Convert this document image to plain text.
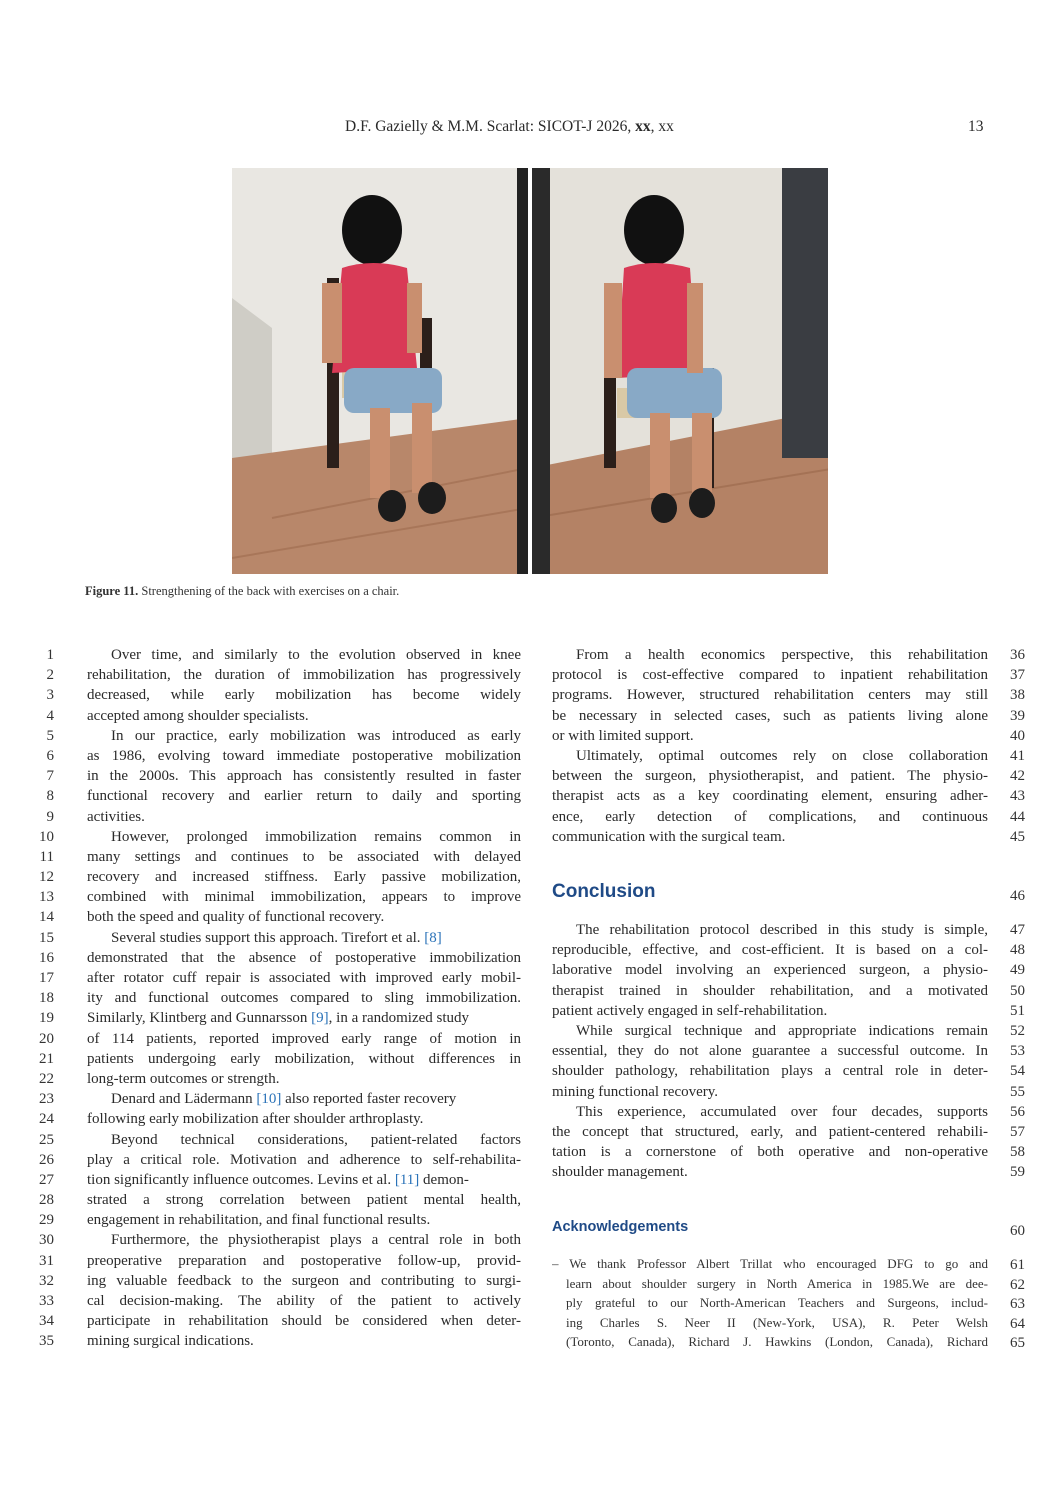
D.F. Gazielly & M.M. Scarlat: SICOT-J 2026, xx, xx	13
Figure 11. Strengthening of the back with exercises on a chair.
1
2
3
4
5
6
7
8
9
10
11
12
13
14
15
16
17
18
19
20
21
22
23
24
25
26
27
28
29
30
31
32
33
34
35
Over time, and similarly to the evolution observed in knee
rehabilitation, the duration of immobilization has progressively
decreased, while early mobilization has become widely
accepted among shoulder specialists.
In our practice, early mobilization was introduced as early
as 1986, evolving toward immediate postoperative mobilization
in the 2000s. This approach has consistently resulted in faster
functional recovery and earlier return to daily and sporting
activities.
However, prolonged immobilization remains common in
many settings and continues to be associated with delayed
recovery and increased stiffness. Early passive mobilization,
combined with minimal immobilization, appears to improve
both the speed and quality of functional recovery.
Several studies support this approach. Tirefort et al. [8]
demonstrated that the absence of postoperative immobilization
after rotator cuff repair is associated with improved early mobil-
ity and functional outcomes compared to sling immobilization.
Similarly, Klintberg and Gunnarsson [9], in a randomized study
of 114 patients, reported improved early range of motion in
patients undergoing early mobilization, without differences in
long-term outcomes or strength.
Denard and Lädermann [10] also reported faster recovery
following early mobilization after shoulder arthroplasty.
Beyond technical considerations, patient-related factors
play a critical role. Motivation and adherence to self-rehabilita-
tion significantly influence outcomes. Levins et al. [11] demon-
strated a strong correlation between patient mental health,
engagement in rehabilitation, and final functional results.
Furthermore, the physiotherapist plays a central role in both
preoperative preparation and postoperative follow-up, provid-
ing valuable feedback to the surgeon and contributing to surgi-
cal decision-making. The ability of the patient to actively
participate in rehabilitation should be considered when deter-
mining surgical indications.
From a health economics perspective, this rehabilitation
protocol is cost-effective compared to inpatient rehabilitation
programs. However, structured rehabilitation centers may still
be necessary in selected cases, such as patients living alone
or with limited support.
Ultimately, optimal outcomes rely on close collaboration
between the surgeon, physiotherapist, and patient. The physio-
therapist acts as a key coordinating element, ensuring adher-
ence, early detection of complications, and continuous
communication with the surgical team.
36
37
38
39
40
41
42
43
44
45
Conclusion	46
The rehabilitation protocol described in this study is simple,
reproducible, effective, and cost-efficient. It is based on a col-
laborative model involving an experienced surgeon, a physio-
therapist trained in shoulder rehabilitation, and a motivated
patient actively engaged in self-rehabilitation.
While surgical technique and appropriate indications remain
essential, they do not alone guarantee a successful outcome. In
shoulder pathology, rehabilitation plays a central role in deter-
mining functional recovery.
This experience, accumulated over four decades, supports
the concept that structured, early, and patient-centered rehabili-
tation is a cornerstone of both operative and non-operative
shoulder management.
47
48
49
50
51
52
53
54
55
56
57
58
59
Acknowledgements	60
– We thank Professor Albert Trillat who encouraged DFG to go and
learn about shoulder surgery in North America in 1985.We are dee-
ply grateful to our North-American Teachers and Surgeons, includ-
ing Charles S. Neer II (New-York, USA), R. Peter Welsh
(Toronto, Canada), Richard J. Hawkins (London, Canada), Richard
61
62
63
64
65
